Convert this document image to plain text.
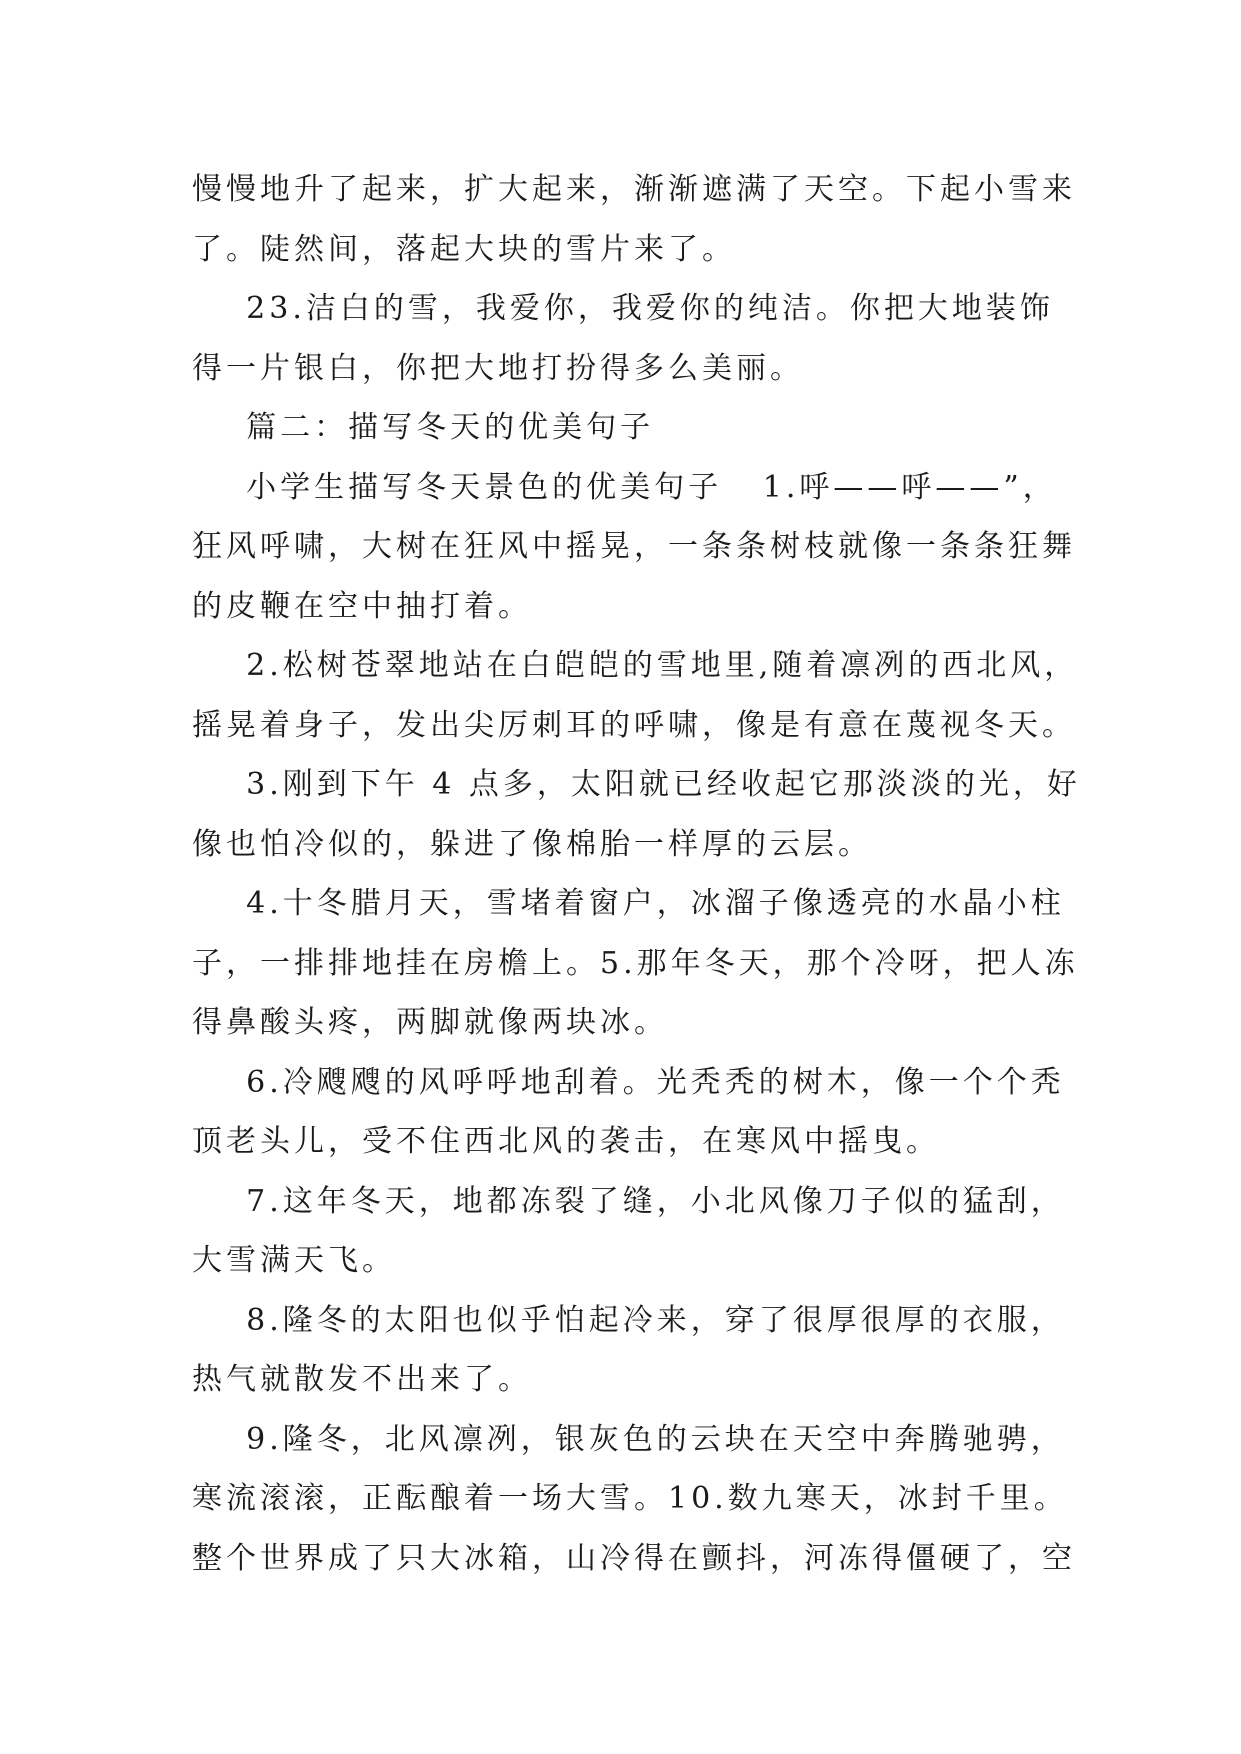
慢慢地升了起来，扩大起来，渐渐遮满了天空。下起小雪来

了。陡然间，落起大块的雪片来了。

23.洁白的雪，我爱你，我爱你的纯洁。你把大地装饰

得一片银白，你把大地打扮得多么美丽。

篇二：描写冬天的优美句子

小学生描写冬天景色的优美句子   1.呼——呼——”，

狂风呼啸，大树在狂风中摇晃，一条条树枝就像一条条狂舞

的皮鞭在空中抽打着。

2.松树苍翠地站在白皑皑的雪地里,随着凛冽的西北风，

摇晃着身子，发出尖厉刺耳的呼啸，像是有意在蔑视冬天。

3.刚到下午 4 点多，太阳就已经收起它那淡淡的光，好

像也怕冷似的，躲进了像棉胎一样厚的云层。

4.十冬腊月天，雪堵着窗户，冰溜子像透亮的水晶小柱

子，一排排地挂在房檐上。5.那年冬天，那个冷呀，把人冻

得鼻酸头疼，两脚就像两块冰。

6.冷飕飕的风呼呼地刮着。光秃秃的树木，像一个个秃

顶老头儿，受不住西北风的袭击，在寒风中摇曳。

7.这年冬天，地都冻裂了缝，小北风像刀子似的猛刮，

大雪满天飞。

8.隆冬的太阳也似乎怕起冷来，穿了很厚很厚的衣服，

热气就散发不出来了。

9.隆冬，北风凛冽，银灰色的云块在天空中奔腾驰骋，

寒流滚滚，正酝酿着一场大雪。10.数九寒天，冰封千里。

整个世界成了只大冰箱，山冷得在颤抖，河冻得僵硬了，空
